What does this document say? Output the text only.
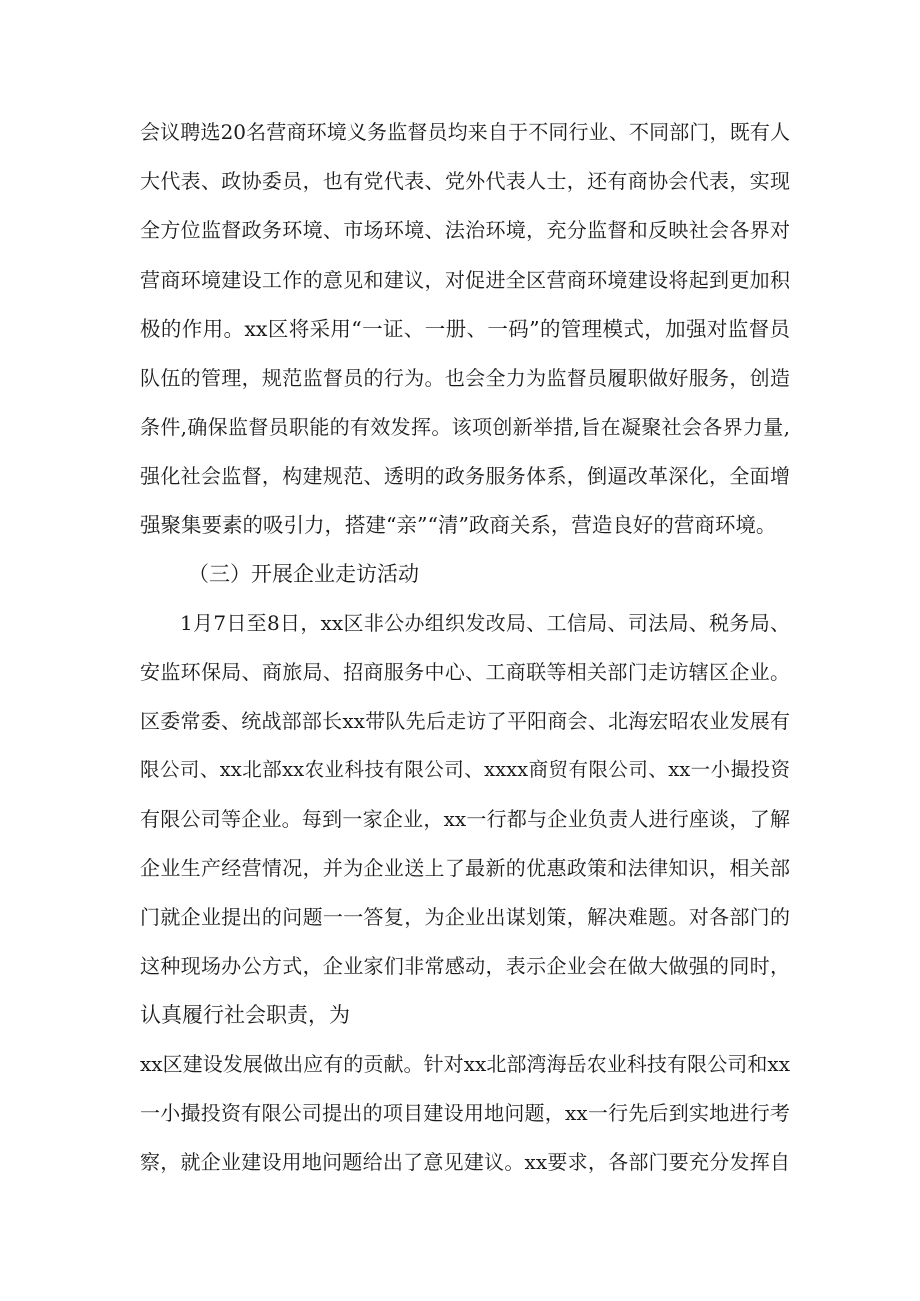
会议聘选20名营商环境义务监督员均来自于不同行业、不同部门，既有人
大代表、政协委员，也有党代表、党外代表人士，还有商协会代表，实现
全方位监督政务环境、市场环境、法治环境，充分监督和反映社会各界对
营商环境建设工作的意见和建议，对促进全区营商环境建设将起到更加积
极的作用。xx区将采用“一证、一册、一码”的管理模式，加强对监督员
队伍的管理，规范监督员的行为。也会全力为监督员履职做好服务，创造
条件,确保监督员职能的有效发挥。该项创新举措,旨在凝聚社会各界力量,
强化社会监督，构建规范、透明的政务服务体系，倒逼改革深化，全面增
强聚集要素的吸引力，搭建“亲”“清”政商关系，营造良好的营商环境。
（三）开展企业走访活动
1月7日至8日，xx区非公办组织发改局、工信局、司法局、税务局、
安监环保局、商旅局、招商服务中心、工商联等相关部门走访辖区企业。
区委常委、统战部部长xx带队先后走访了平阳商会、北海宏昭农业发展有
限公司、xx北部xx农业科技有限公司、xxxx商贸有限公司、xx一小撮投资
有限公司等企业。每到一家企业，xx一行都与企业负责人进行座谈，了解
企业生产经营情况，并为企业送上了最新的优惠政策和法律知识，相关部
门就企业提出的问题一一答复，为企业出谋划策，解决难题。对各部门的
这种现场办公方式，企业家们非常感动，表示企业会在做大做强的同时，
认真履行社会职责，为
xx区建设发展做出应有的贡献。针对xx北部湾海岳农业科技有限公司和xx
一小撮投资有限公司提出的项目建设用地问题，xx一行先后到实地进行考
察，就企业建设用地问题给出了意见建议。xx要求，各部门要充分发挥自
